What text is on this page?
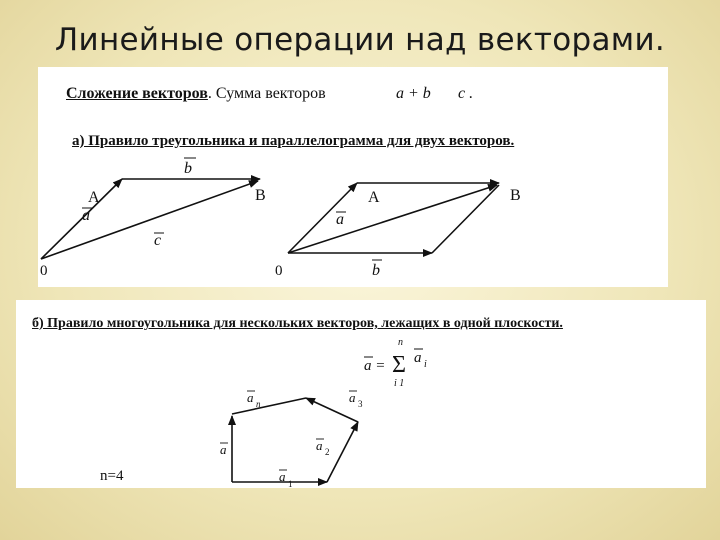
Линейные операции над векторами.
Сложение векторов. Сумма векторов	a + b c .
а) Правило треугольника и параллелограмма для двух векторов.
b
A
a
B
c
0
A	B
a
b
0
б) Правило многоугольника для нескольких векторов, лежащих в одной плоскости.
a = Σ
n
i 1
a i
a 1
a 2
a 3
a n
a
n=4
